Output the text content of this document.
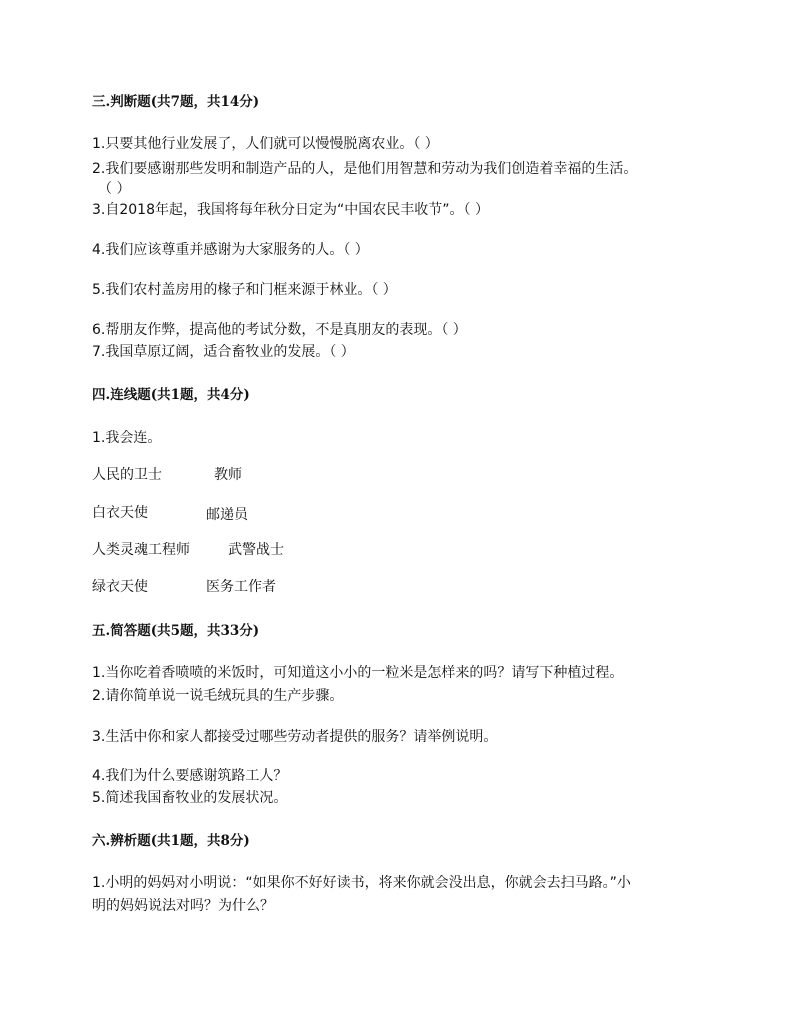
三.判断题(共7题，共14分)
1.只要其他行业发展了，人们就可以慢慢脱离农业。（ ）
2.我们要感谢那些发明和制造产品的人，是他们用智慧和劳动为我们创造着幸福的生活。
（ ）
3.自2018年起，我国将每年秋分日定为“中国农民丰收节”。（ ）
4.我们应该尊重并感谢为大家服务的人。（ ）
5.我们农村盖房用的椽子和门框来源于林业。（ ）
6.帮朋友作弊，提高他的考试分数，不是真朋友的表现。（ ）
7.我国草原辽阔，适合畜牧业的发展。（ ）
四.连线题(共1题，共4分)
1.我会连。
人民的卫士	教师
白衣天使	邮递员
人类灵魂工程师	武警战士
绿衣天使	医务工作者
五.简答题(共5题，共33分)
1.当你吃着香喷喷的米饭时，可知道这小小的一粒米是怎样来的吗？请写下种植过程。
2.请你简单说一说毛绒玩具的生产步骤。
3.生活中你和家人都接受过哪些劳动者提供的服务？请举例说明。
4.我们为什么要感谢筑路工人？
5.简述我国畜牧业的发展状况。
六.辨析题(共1题，共8分)
1.小明的妈妈对小明说：“如果你不好好读书，将来你就会没出息，你就会去扫马路。”小
明的妈妈说法对吗？为什么？
